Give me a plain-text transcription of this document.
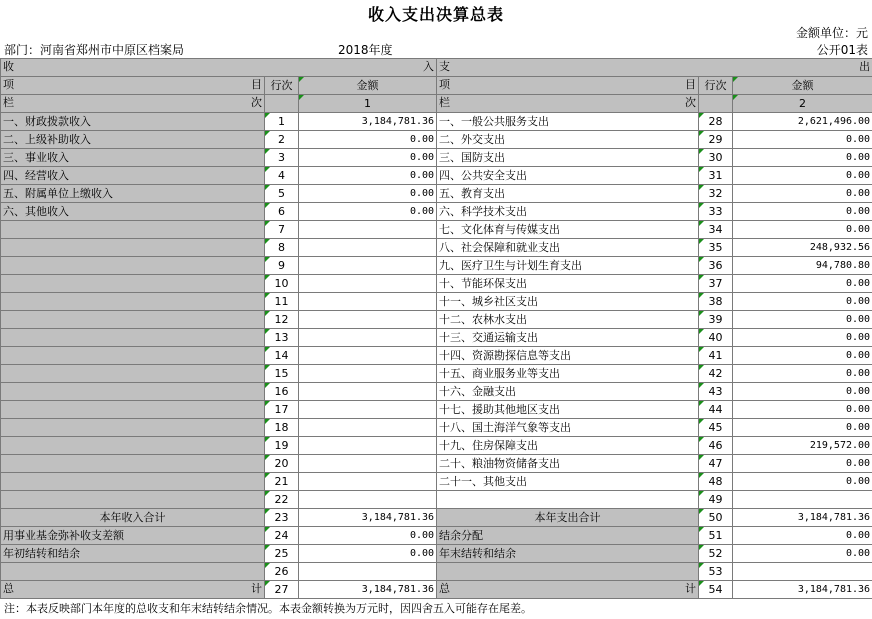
收入支出决算总表
金额单位：元
部门：河南省郑州市中原区档案局	2018年度	公开01表
收 入			支 出		

项 目	行次	金额	项 目	行次	金额

栏 次		1	栏 次		2
一、财政拨款收入	1	3,184,781.36	一、一般公共服务支出	28	2,621,496.00
二、上级补助收入	2	0.00	二、外交支出	29	0.00
三、事业收入	3	0.00	三、国防支出	30	0.00
四、经营收入	4	0.00	四、公共安全支出	31	0.00
五、附属单位上缴收入	5	0.00	五、教育支出	32	0.00
六、其他收入	6	0.00	六、科学技术支出	33	0.00
	7		七、文化体育与传媒支出	34	0.00
	8		八、社会保障和就业支出	35	248,932.56
	9		九、医疗卫生与计划生育支出	36	94,780.80
	10		十、节能环保支出	37	0.00
	11		十一、城乡社区支出	38	0.00
	12		十二、农林水支出	39	0.00
	13		十三、交通运输支出	40	0.00
	14		十四、资源勘探信息等支出	41	0.00
	15		十五、商业服务业等支出	42	0.00
	16		十六、金融支出	43	0.00
	17		十七、援助其他地区支出	44	0.00
	18		十八、国土海洋气象等支出	45	0.00
	19		十九、住房保障支出	46	219,572.00
	20		二十、粮油物资储备支出	47	0.00
	21		二十一、其他支出	48	0.00
	22			49	
本年收入合计	23	3,184,781.36	本年支出合计	50	3,184,781.36
用事业基金弥补收支差额	24	0.00	结余分配	51	0.00
年初结转和结余	25	0.00	年末结转和结余	52	0.00
	26			53	

总 计	27	3,184,781.36	总 计	54	3,184,781.36
注：本表反映部门本年度的总收支和年末结转结余情况。本表金额转换为万元时，因四舍五入可能存在尾差。
